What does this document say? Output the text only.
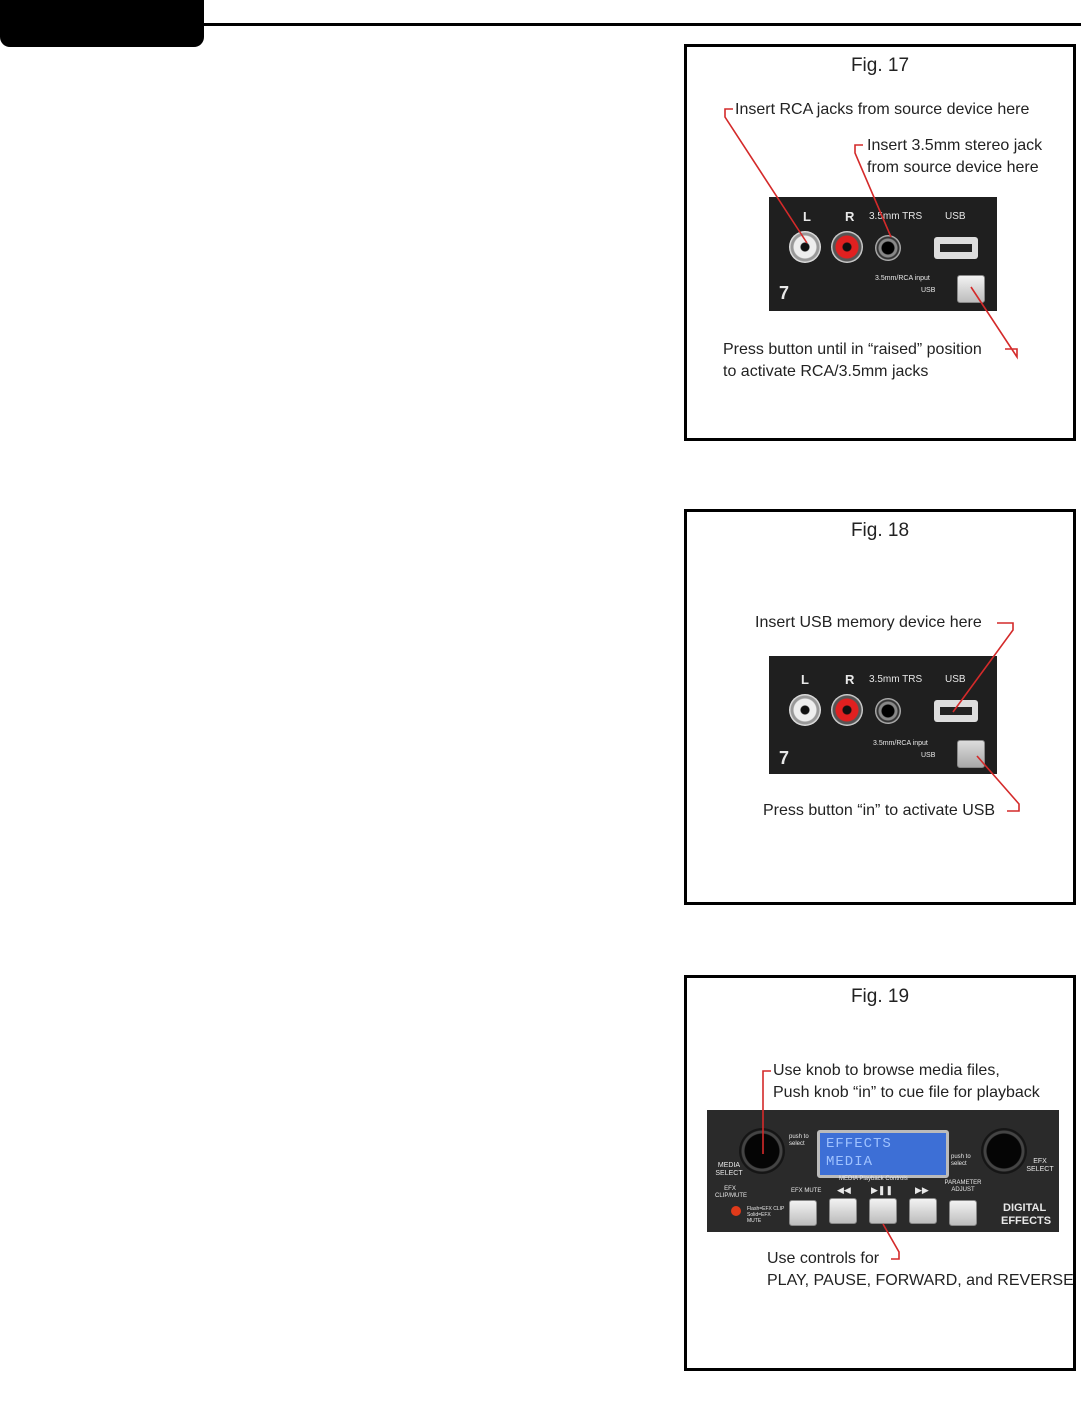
Fig. 17
Insert RCA jacks from source device here
Insert 3.5mm stereo jack
from source device here
L	R 3.5mm TRS USB
7
3.5mm/RCA input
USB
Press button until in “raised” position
to activate RCA/3.5mm jacks
Fig. 18
Insert USB memory device here
L	R 3.5mm TRS USB
7
3.5mm/RCA input
USB
Press button “in” to activate USB
Fig. 19
Use knob to browse media files,
Push knob “in” to cue file for playback
MEDIA SELECT
push to select	EFFECTS
MEDIA	push to select	EFX SELECT
MEDIA Playback Controls
EFX MUTE ◀◀ ▶❚❚ ▶▶
PARAMETER ADJUST
EFX CLIP/MUTE
Flash=EFX CLIP Solid=EFX MUTE
DIGITAL
EFFECTS
Use controls for
PLAY, PAUSE, FORWARD, and REVERSE
